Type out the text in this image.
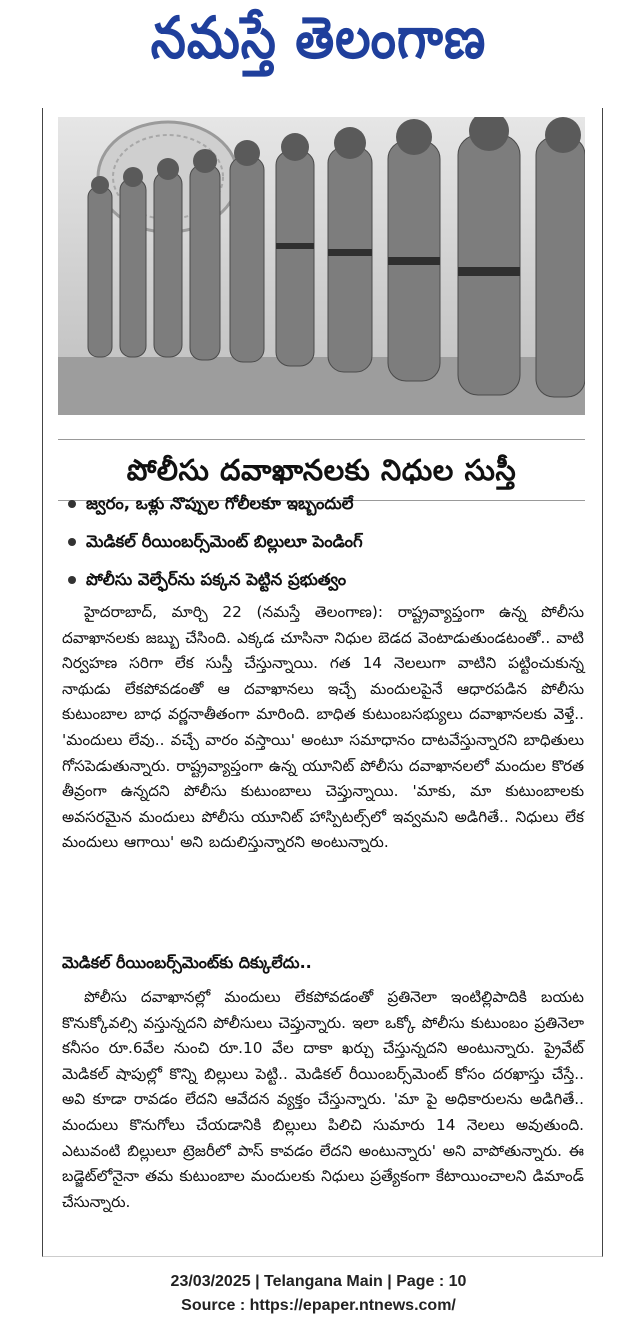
నమస్తే తెలంగాణ
పోలీసు దవాఖానలకు నిధుల సుస్తీ
జ్వరం, ఒళ్లు నొప్పుల గోలీలకూ ఇబ్బందులే
మెడికల్ రీయింబర్స్‌మెంట్ బిల్లులూ పెండింగ్
పోలీసు వెల్ఫేర్‌ను పక్కన పెట్టిన ప్రభుత్వం

హైదరాబాద్, మార్చి 22 (నమస్తే తెలంగాణ): రాష్ట్రవ్యాప్తంగా ఉన్న పోలీసు దవాఖానలకు జబ్బు చేసింది. ఎక్కడ చూసినా నిధుల బెడద వెంటాడుతుండటంతో.. వాటి నిర్వహణ సరిగా లేక సుస్తీ చేస్తున్నాయి. గత 14 నెలలుగా వాటిని పట్టించుకున్న నాథుడు లేకపోవడంతో ఆ దవాఖానలు ఇచ్చే మందులపైనే ఆధారపడిన పోలీసు కుటుంబాల బాధ వర్ణనాతీతంగా మారింది. బాధిత కుటుంబసభ్యులు దవాఖానలకు వెళ్తే.. 'మందులు లేవు.. వచ్చే వారం వస్తాయి' అంటూ సమాధానం దాటవేస్తున్నారని బాధితులు గోసపెడుతున్నారు. రాష్ట్రవ్యాప్తంగా ఉన్న యూనిట్ పోలీసు దవాఖానలలో మందుల కొరత తీవ్రంగా ఉన్నదని పోలీసు కుటుంబాలు చెప్తున్నాయి. 'మాకు, మా కుటుంబాలకు అవసరమైన మందులు పోలీసు యూనిట్ హాస్పిటల్స్‌లో ఇవ్వమని అడిగితే.. నిధులు లేక మందులు ఆగాయి' అని బదులిస్తున్నారని అంటున్నారు.

మెడికల్ రీయింబర్స్‌మెంట్‌కు దిక్కులేదు..

పోలీసు దవాఖానల్లో మందులు లేకపోవడంతో ప్రతినెలా ఇంటిల్లిపాదికి బయట కొనుక్కోవల్సి వస్తున్నదని పోలీసులు చెప్తున్నారు. ఇలా ఒక్కో పోలీసు కుటుంబం ప్రతినెలా కనీసం రూ.6వేల నుంచి రూ.10 వేల దాకా ఖర్చు చేస్తున్నదని అంటున్నారు. ప్రైవేట్ మెడికల్ షాపుల్లో కొన్ని బిల్లులు పెట్టి.. మెడికల్ రీయింబర్స్‌మెంట్ కోసం దరఖాస్తు చేస్తే.. అవి కూడా రావడం లేదని ఆవేదన వ్యక్తం చేస్తున్నారు. 'మా పై అధికారులను అడిగితే.. మందులు కొనుగోలు చేయడానికి బిల్లులు పిలిచి సుమారు 14 నెలలు అవుతుంది. ఎటువంటి బిల్లులూ ట్రెజరీలో పాస్ కావడం లేదని అంటున్నారు' అని వాపోతున్నారు. ఈ బడ్జెట్‌లోనైనా తమ కుటుంబాల మందులకు నిధులు ప్రత్యేకంగా కేటాయించాలని డిమాండ్ చేసున్నారు.

23/03/2025 | Telangana Main | Page : 10
Source : https://epaper.ntnews.com/
